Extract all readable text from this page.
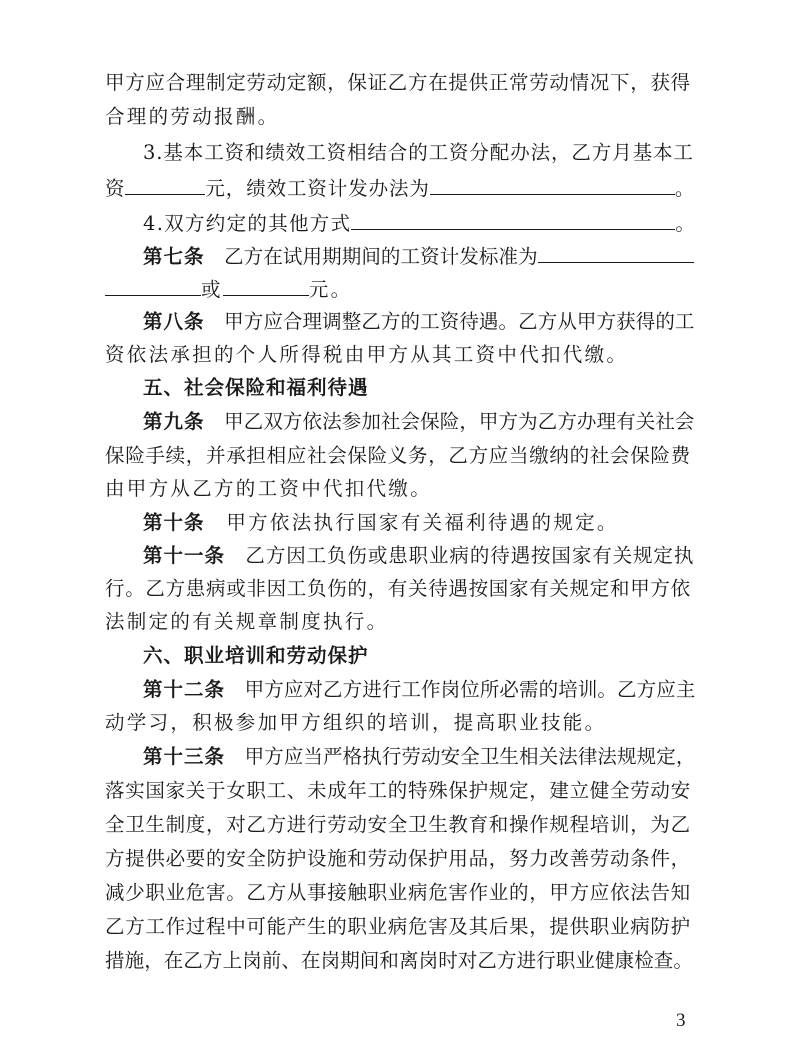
甲方应合理制定劳动定额，保证乙方在提供正常劳动情况下，获得
合理的劳动报酬。
3.基本工资和绩效工资相结合的工资分配办法，乙方月基本工
资	元，绩效工资计发办法为	。
4.双方约定的其他方式	。
第七条　 乙方在试用期期间的工资计发标准为
或	元。
第八条　 甲方应合理调整乙方的工资待遇。乙方从甲方获得的工
资依法承担的个人所得税由甲方从其工资中代扣代缴。
五、社会保险和福利待遇
第九条　 甲乙双方依法参加社会保险，甲方为乙方办理有关社会
保险手续，并承担相应社会保险义务，乙方应当缴纳的社会保险费
由甲方从乙方的工资中代扣代缴。
第十条　 甲方依法执行国家有关福利待遇的规定。
第十一条　 乙方因工负伤或患职业病的待遇按国家有关规定执
行。乙方患病或非因工负伤的，有关待遇按国家有关规定和甲方依
法制定的有关规章制度执行。
六、职业培训和劳动保护
第十二条　 甲方应对乙方进行工作岗位所必需的培训。乙方应主
动学习，积极参加甲方组织的培训，提高职业技能。
第十三条　 甲方应当严格执行劳动安全卫生相关法律法规规定，
落实国家关于女职工、未成年工的特殊保护规定，建立健全劳动安
全卫生制度，对乙方进行劳动安全卫生教育和操作规程培训，为乙
方提供必要的安全防护设施和劳动保护用品，努力改善劳动条件，
减少职业危害。乙方从事接触职业病危害作业的，甲方应依法告知
乙方工作过程中可能产生的职业病危害及其后果，提供职业病防护
措施，在乙方上岗前、在岗期间和离岗时对乙方进行职业健康检查。
3
